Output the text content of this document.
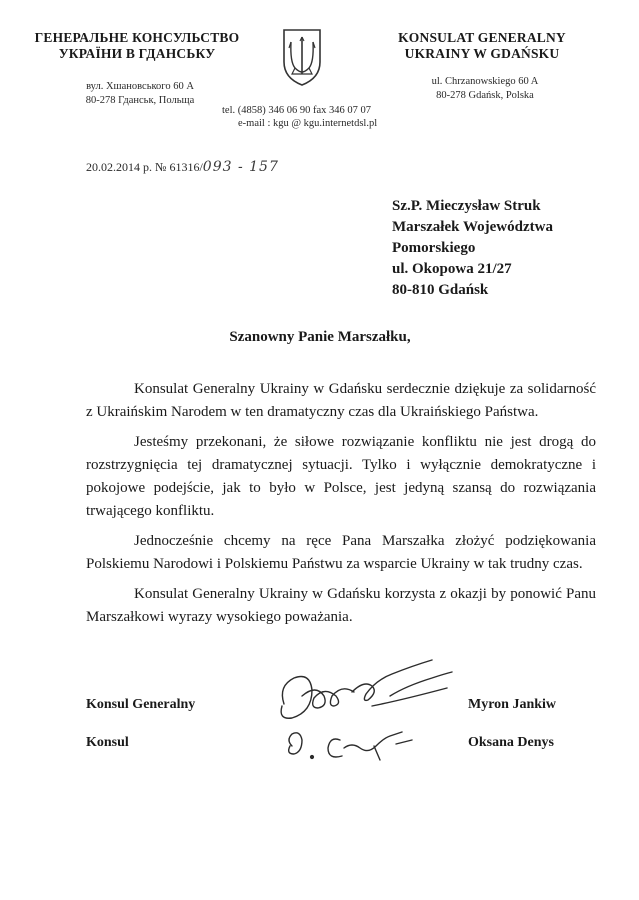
ГЕНЕРАЛЬНЕ КОНСУЛЬСТВО
УКРАЇНИ В ГДАНСЬКУ
вул. Хшановського 60 А
80-278 Гданськ, Польща
KONSULAT GENERALNY
UKRAINY W GDAŃSKU
ul. Chrzanowskiego 60 A
80-278 Gdańsk, Polska
tel. (4858) 346 06 90 fax 346 07 07
e-mail : kgu @ kgu.internetdsl.pl
20.02.2014 p. № 61316/093 - 157
Sz.P. Mieczysław Struk
Marszałek Województwa
Pomorskiego
ul. Okopowa 21/27
80-810 Gdańsk
Szanowny Panie Marszałku,

Konsulat Generalny Ukrainy w Gdańsku serdecznie dziękuje za solidarność z Ukraińskim Narodem w ten dramatyczny czas dla Ukraińskiego Państwa.

Jesteśmy przekonani, że siłowe rozwiązanie konfliktu nie jest drogą do rozstrzygnięcia tej dramatycznej sytuacji. Tylko i wyłącznie demokratyczne i pokojowe podejście, jak to było w Polsce, jest jedyną szansą do rozwiązania trwającego konfliktu.

Jednocześnie chcemy na ręce Pana Marszałka złożyć podziękowania Polskiemu Narodowi i Polskiemu Państwu za wsparcie Ukrainy w tak trudny czas.

Konsulat Generalny Ukrainy w Gdańsku korzysta z okazji by ponowić Panu Marszałkowi wyrazy wysokiego poważania.

Konsul Generalny	Myron Jankiw
Konsul	Oksana Denys
